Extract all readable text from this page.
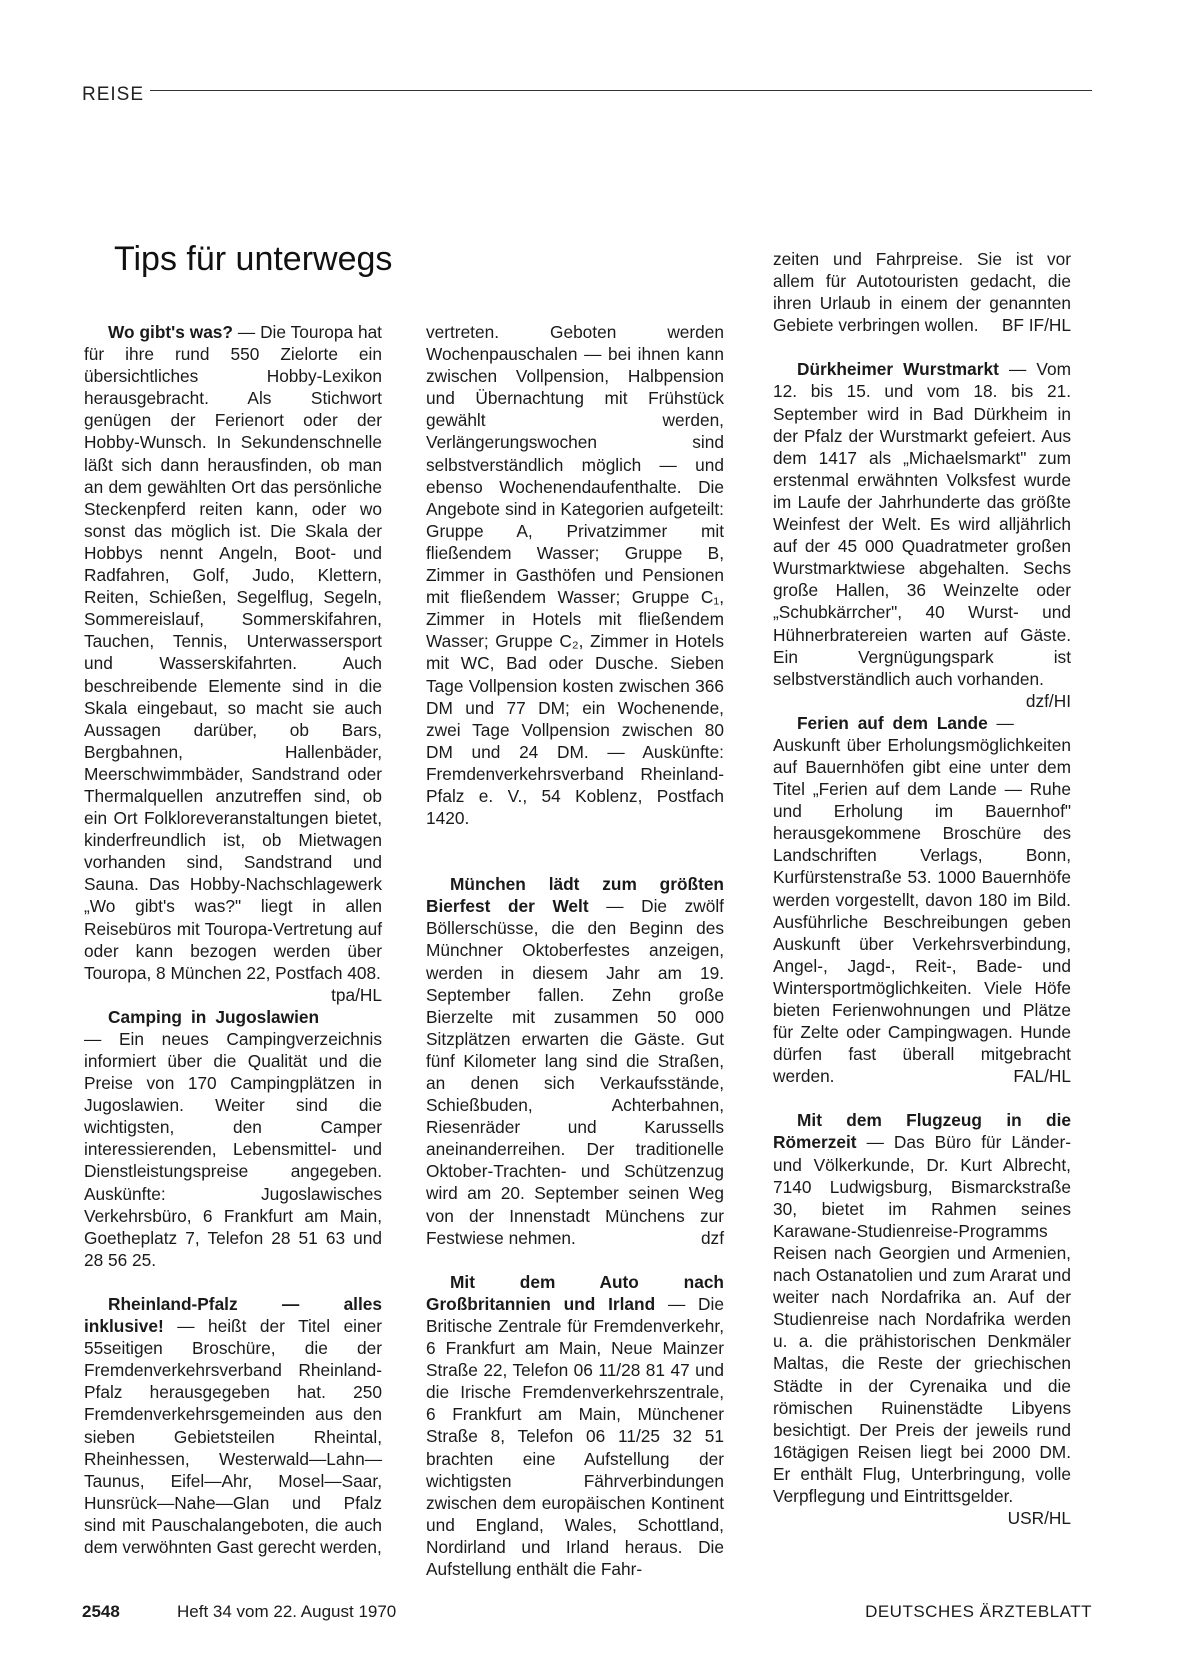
REISE
Tips für unterwegs

Wo gibt's was? — Die Touropa hat für ihre rund 550 Zielorte ein übersichtliches Hobby-Lexikon herausgebracht. Als Stichwort genügen der Ferienort oder der Hobby-Wunsch. In Sekundenschnelle läßt sich dann herausfinden, ob man an dem gewählten Ort das persönliche Steckenpferd reiten kann, oder wo sonst das möglich ist. Die Skala der Hobbys nennt Angeln, Boot- und Radfahren, Golf, Judo, Klettern, Reiten, Schießen, Segelflug, Segeln, Sommereislauf, Sommerskifahren, Tauchen, Tennis, Unterwassersport und Wasserskifahrten. Auch beschreibende Elemente sind in die Skala eingebaut, so macht sie auch Aussagen darüber, ob Bars, Bergbahnen, Hallenbäder, Meerschwimmbäder, Sandstrand oder Thermalquellen anzutreffen sind, ob ein Ort Folkloreveranstaltungen bietet, kinderfreundlich ist, ob Mietwagen vorhanden sind, Sandstrand und Sauna. Das Hobby-Nachschlagewerk „Wo gibt's was?" liegt in allen Reisebüros mit Touropa-Vertretung auf oder kann bezogen werden über Touropa, 8 München 22, Postfach 408.
tpa/HL

Camping in Jugoslawien — Ein neues Campingverzeichnis informiert über die Qualität und die Preise von 170 Campingplätzen in Jugoslawien. Weiter sind die wichtigsten, den Camper interessierenden, Lebensmittel- und Dienstleistungspreise angegeben. Auskünfte: Jugoslawisches Verkehrsbüro, 6 Frankfurt am Main, Goetheplatz 7, Telefon 28 51 63 und 28 56 25.

Rheinland-Pfalz — alles inklusive! — heißt der Titel einer 55seitigen Broschüre, die der Fremdenverkehrsverband Rheinland-Pfalz herausgegeben hat. 250 Fremdenverkehrsgemeinden aus den sieben Gebietsteilen Rheintal, Rheinhessen, Westerwald—Lahn—Taunus, Eifel—Ahr, Mosel—Saar, Hunsrück—Nahe—Glan und Pfalz sind mit Pauschalangeboten, die auch dem verwöhnten Gast gerecht werden,

vertreten. Geboten werden Wochenpauschalen — bei ihnen kann zwischen Vollpension, Halbpension und Übernachtung mit Frühstück gewählt werden, Verlängerungswochen sind selbstverständlich möglich — und ebenso Wochenendaufenthalte. Die Angebote sind in Kategorien aufgeteilt: Gruppe A, Privatzimmer mit fließendem Wasser; Gruppe B, Zimmer in Gasthöfen und Pensionen mit fließendem Wasser; Gruppe C₁, Zimmer in Hotels mit fließendem Wasser; Gruppe C₂, Zimmer in Hotels mit WC, Bad oder Dusche. Sieben Tage Vollpension kosten zwischen 366 DM und 77 DM; ein Wochenende, zwei Tage Vollpension zwischen 80 DM und 24 DM. — Auskünfte: Fremdenverkehrsverband Rheinland-Pfalz e. V., 54 Koblenz, Postfach 1420.

München lädt zum größten Bierfest der Welt — Die zwölf Böllerschüsse, die den Beginn des Münchner Oktoberfestes anzeigen, werden in diesem Jahr am 19. September fallen. Zehn große Bierzelte mit zusammen 50 000 Sitzplätzen erwarten die Gäste. Gut fünf Kilometer lang sind die Straßen, an denen sich Verkaufsstände, Schießbuden, Achterbahnen, Riesenräder und Karussells aneinanderreihen. Der traditionelle Oktober-Trachten- und Schützenzug wird am 20. September seinen Weg von der Innenstadt Münchens zur Festwiese nehmen.	dzf

Mit dem Auto nach Großbritannien und Irland — Die Britische Zentrale für Fremdenverkehr, 6 Frankfurt am Main, Neue Mainzer Straße 22, Telefon 06 11/28 81 47 und die Irische Fremdenverkehrszentrale, 6 Frankfurt am Main, Münchener Straße 8, Telefon 06 11/25 32 51 brachten eine Aufstellung der wichtigsten Fährverbindungen zwischen dem europäischen Kontinent und England, Wales, Schottland, Nordirland und Irland heraus. Die Aufstellung enthält die Fahr-

zeiten und Fahrpreise. Sie ist vor allem für Autotouristen gedacht, die ihren Urlaub in einem der genannten Gebiete verbringen wollen.	BF IF/HL

Dürkheimer Wurstmarkt — Vom 12. bis 15. und vom 18. bis 21. September wird in Bad Dürkheim in der Pfalz der Wurstmarkt gefeiert. Aus dem 1417 als „Michaelsmarkt" zum erstenmal erwähnten Volksfest wurde im Laufe der Jahrhunderte das größte Weinfest der Welt. Es wird alljährlich auf der 45 000 Quadratmeter großen Wurstmarktwiese abgehalten. Sechs große Hallen, 36 Weinzelte oder „Schubkärrcher", 40 Wurst- und Hühnerbratereien warten auf Gäste. Ein Vergnügungspark ist selbstverständlich auch vorhanden.
dzf/HI

Ferien auf dem Lande — Auskunft über Erholungsmöglichkeiten auf Bauernhöfen gibt eine unter dem Titel „Ferien auf dem Lande — Ruhe und Erholung im Bauernhof" herausgekommene Broschüre des Landschriften Verlags, Bonn, Kurfürstenstraße 53. 1000 Bauernhöfe werden vorgestellt, davon 180 im Bild. Ausführliche Beschreibungen geben Auskunft über Verkehrsverbindung, Angel-, Jagd-, Reit-, Bade- und Wintersportmöglichkeiten. Viele Höfe bieten Ferienwohnungen und Plätze für Zelte oder Campingwagen. Hunde dürfen fast überall mitgebracht werden.	FAL/HL

Mit dem Flugzeug in die Römerzeit — Das Büro für Länder- und Völkerkunde, Dr. Kurt Albrecht, 7140 Ludwigsburg, Bismarckstraße 30, bietet im Rahmen seines Karawane-Studienreise-Programms Reisen nach Georgien und Armenien, nach Ostanatolien und zum Ararat und weiter nach Nordafrika an. Auf der Studienreise nach Nordafrika werden u. a. die prähistorischen Denkmäler Maltas, die Reste der griechischen Städte in der Cyrenaika und die römischen Ruinenstädte Libyens besichtigt. Der Preis der jeweils rund 16tägigen Reisen liegt bei 2000 DM. Er enthält Flug, Unterbringung, volle Verpflegung und Eintrittsgelder.
USR/HL

2548	Heft 34 vom 22. August 1970	DEUTSCHES ÄRZTEBLATT
